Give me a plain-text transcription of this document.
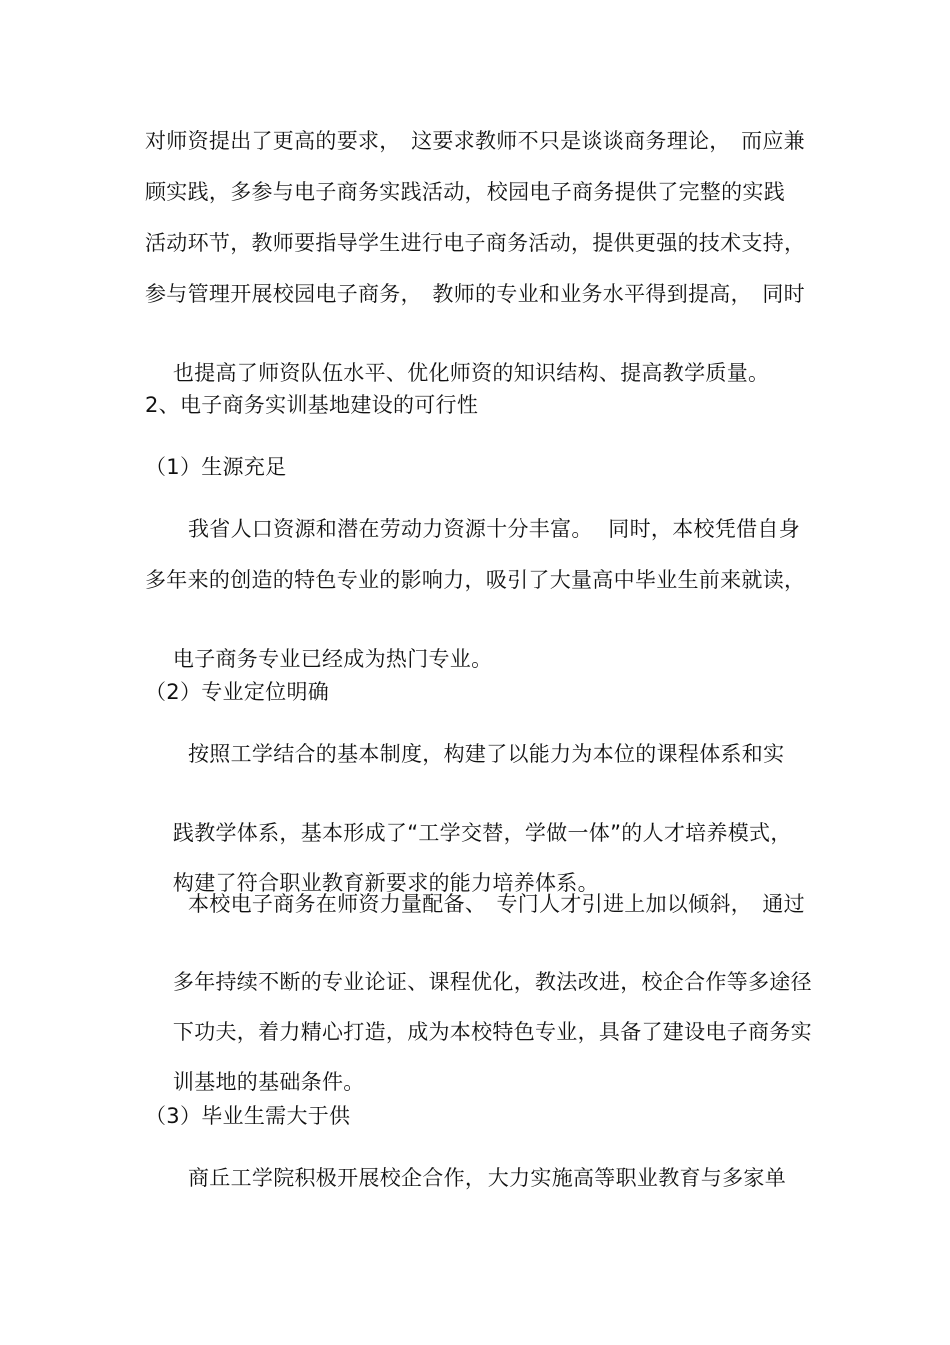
对师资提出了更高的要求， 这要求教师不只是谈谈商务理论， 而应兼
顾实践，多参与电子商务实践活动， 校园电子商务提供了完整的实践
活动环节，教师要指导学生进行电子商务活动， 提供更强的技术支持，
参与管理开展校园电子商务， 教师的专业和业务水平得到提高， 同时

也提高了师资队伍水平、优化师资的知识结构、提高教学质量。

2、电子商务实训基地建设的可行性
（1）生源充足
我省人口资源和潜在劳动力资源十分丰富。 同时，本校凭借自身
多年来的创造的特色专业的影响力， 吸引了大量高中毕业生前来就读，

电子商务专业已经成为热门专业。

（2）专业定位明确
按照工学结合的基本制度， 构建了以能力为本位的课程体系和实

践教学体系，基本形成了“工学交替，学做一体”的人才培养模式，

构建了符合职业教育新要求的能力培养体系。

本校电子商务在师资力量配备、 专门人才引进上加以倾斜， 通过

多年持续不断的专业论证、课程优化，教法改进，校企合作等多途径

下功夫，着力精心打造，成为本校特色专业，具备了建设电子商务实

训基地的基础条件。

（3）毕业生需大于供
商丘工学院积极开展校企合作， 大力实施高等职业教育与多家单
